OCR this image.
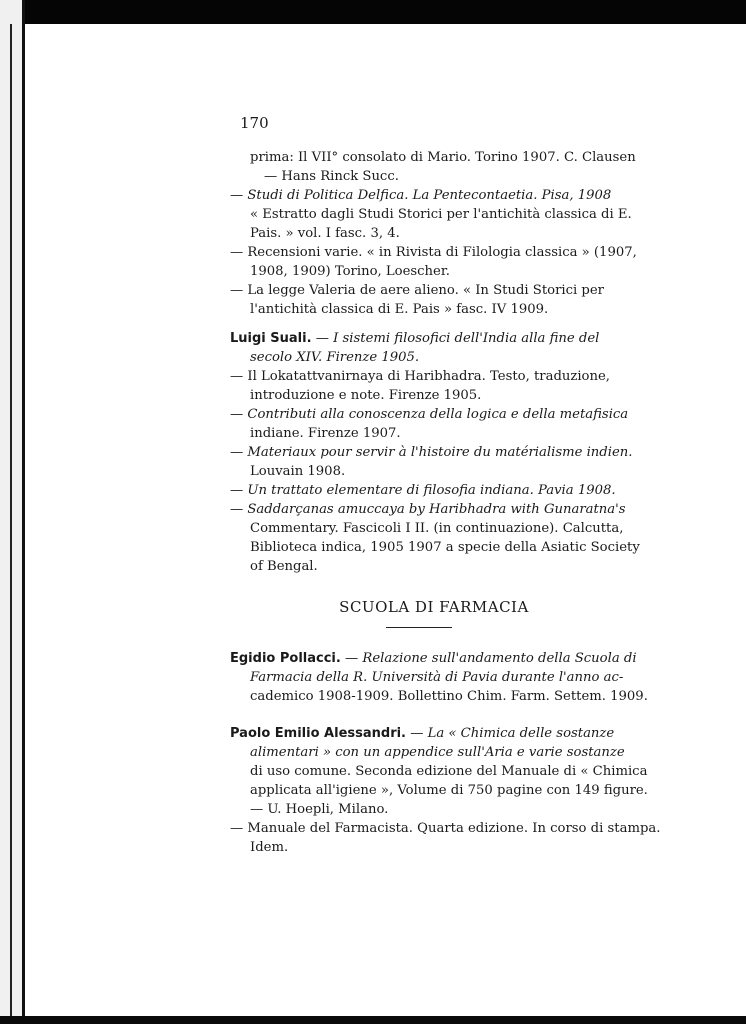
170
prima: Il VII° consolato di Mario. Torino 1907. C. Clausen
— Hans Rinck Succ.
— Studi di Politica Delfica. La Pentecontaetia. Pisa, 1908
« Estratto dagli Studi Storici per l'antichità classica di E.
Pais. » vol. I fasc. 3, 4.
— Recensioni varie. « in Rivista di Filologia classica » (1907,
1908, 1909) Torino, Loescher.
— La legge Valeria de aere alieno. « In Studi Storici per
l'antichità classica di E. Pais » fasc. IV 1909.
Luigi Suali. — I sistemi filosofici dell'India alla fine del
secolo XIV. Firenze 1905.
— Il Lokatattvanirnaya di Haribhadra. Testo, traduzione,
introduzione e note. Firenze 1905.
— Contributi alla conoscenza della logica e della metafisica
indiane. Firenze 1907.
— Materiaux pour servir à l'histoire du matérialisme indien.
Louvain 1908.
— Un trattato elementare di filosofia indiana. Pavia 1908.
— Saddarçanas amuccaya by Haribhadra with Gunaratna's
Commentary. Fascicoli I II. (in continuazione). Calcutta,
Biblioteca indica, 1905 1907 a specie della Asiatic Society
of Bengal.
SCUOLA DI FARMACIA
Egidio Pollacci. — Relazione sull'andamento della Scuola di
Farmacia della R. Università di Pavia durante l'anno ac-
cademico 1908-1909. Bollettino Chim. Farm. Settem. 1909.
Paolo Emilio Alessandri. — La « Chimica delle sostanze
alimentari » con un appendice sull'Aria e varie sostanze
di uso comune. Seconda edizione del Manuale di « Chimica
applicata all'igiene », Volume di 750 pagine con 149 figure.
— U. Hoepli, Milano.
— Manuale del Farmacista. Quarta edizione. In corso di stampa.
Idem.
